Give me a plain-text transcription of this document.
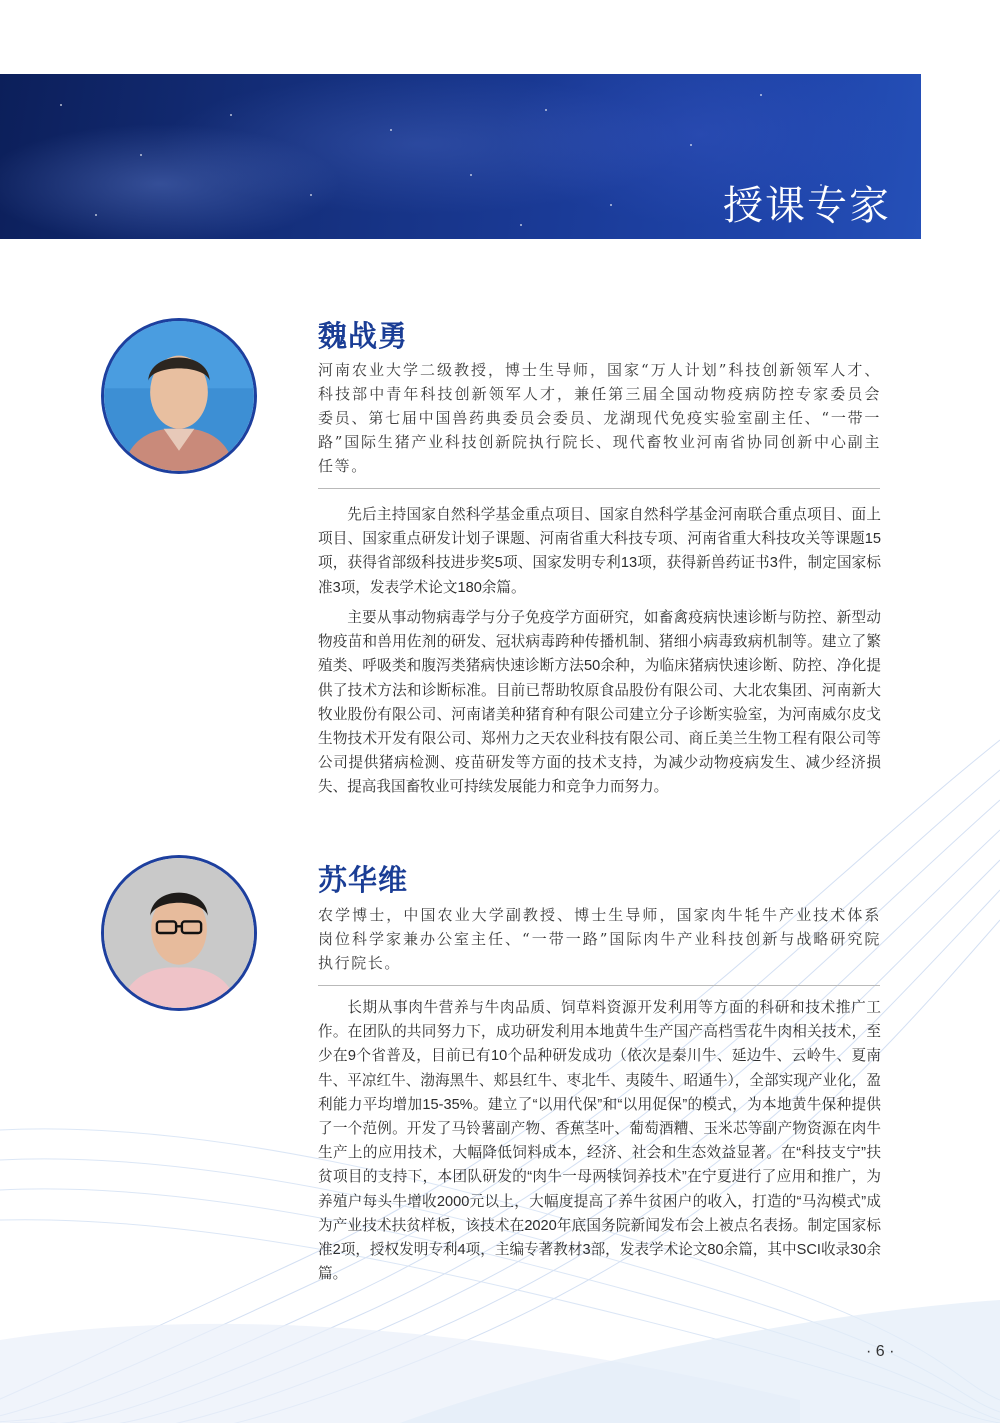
授课专家
魏战勇
河南农业大学二级教授，博士生导师，国家“万人计划”科技创新领军人才、科技部中青年科技创新领军人才，兼任第三届全国动物疫病防控专家委员会委员、第七届中国兽药典委员会委员、龙湖现代免疫实验室副主任、“一带一路”国际生猪产业科技创新院执行院长、现代畜牧业河南省协同创新中心副主任等。

先后主持国家自然科学基金重点项目、国家自然科学基金河南联合重点项目、面上项目、国家重点研发计划子课题、河南省重大科技专项、河南省重大科技攻关等课题15项，获得省部级科技进步奖5项、国家发明专利13项，获得新兽药证书3件，制定国家标准3项，发表学术论文180余篇。

主要从事动物病毒学与分子免疫学方面研究，如畜禽疫病快速诊断与防控、新型动物疫苗和兽用佐剂的研发、冠状病毒跨种传播机制、猪细小病毒致病机制等。建立了繁殖类、呼吸类和腹泻类猪病快速诊断方法50余种，为临床猪病快速诊断、防控、净化提供了技术方法和诊断标准。目前已帮助牧原食品股份有限公司、大北农集团、河南新大牧业股份有限公司、河南诸美种猪育种有限公司建立分子诊断实验室，为河南威尔皮戈生物技术开发有限公司、郑州力之天农业科技有限公司、商丘美兰生物工程有限公司等公司提供猪病检测、疫苗研发等方面的技术支持，为减少动物疫病发生、减少经济损失、提高我国畜牧业可持续发展能力和竞争力而努力。

苏华维
农学博士，中国农业大学副教授、博士生导师，国家肉牛牦牛产业技术体系岗位科学家兼办公室主任、“一带一路”国际肉牛产业科技创新与战略研究院执行院长。

长期从事肉牛营养与牛肉品质、饲草料资源开发利用等方面的科研和技术推广工作。在团队的共同努力下，成功研发利用本地黄牛生产国产高档雪花牛肉相关技术，至少在9个省普及，目前已有10个品种研发成功（依次是秦川牛、延边牛、云岭牛、夏南牛、平凉红牛、渤海黑牛、郏县红牛、枣北牛、夷陵牛、昭通牛），全部实现产业化，盈利能力平均增加15-35%。建立了“以用代保”和“以用促保”的模式，为本地黄牛保种提供了一个范例。开发了马铃薯副产物、香蕉茎叶、葡萄酒糟、玉米芯等副产物资源在肉牛生产上的应用技术，大幅降低饲料成本，经济、社会和生态效益显著。在“科技支宁”扶贫项目的支持下，本团队研发的“肉牛一母两犊饲养技术”在宁夏进行了应用和推广，为养殖户每头牛增收2000元以上，大幅度提高了养牛贫困户的收入，打造的“马沟模式”成为产业技术扶贫样板，该技术在2020年底国务院新闻发布会上被点名表扬。制定国家标准2项，授权发明专利4项，主编专著教材3部，发表学术论文80余篇，其中SCI收录30余篇。

· 6 ·
